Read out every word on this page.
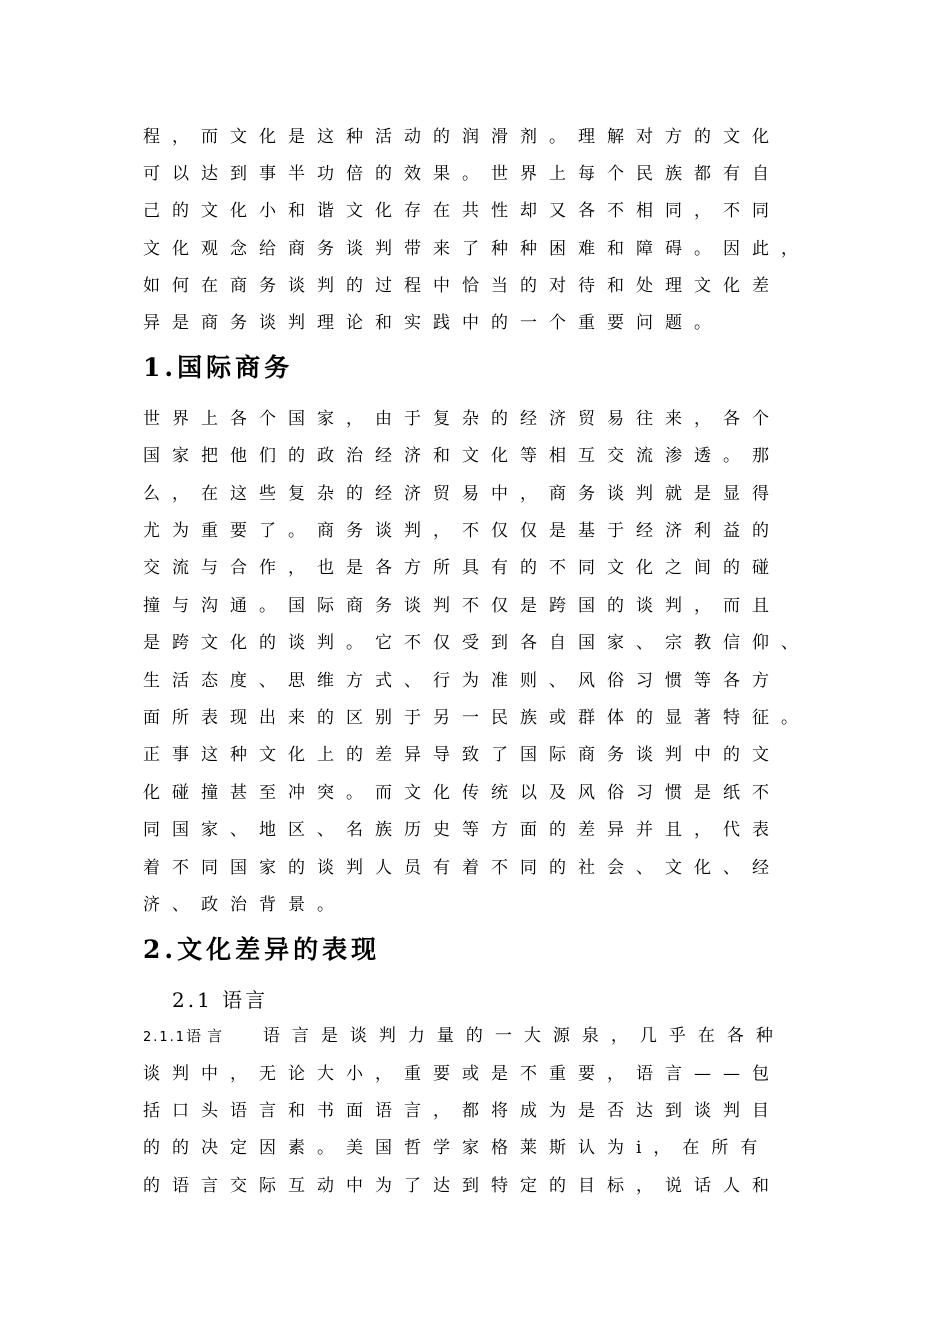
程，而文化是这种活动的润滑剂。理解对方的文化
可以达到事半功倍的效果。世界上每个民族都有自
己的文化小和谐文化存在共性却又各不相同，不同
文化观念给商务谈判带来了种种困难和障碍。因此，
如何在商务谈判的过程中恰当的对待和处理文化差
异是商务谈判理论和实践中的一个重要问题。
1.国际商务
世界上各个国家，由于复杂的经济贸易往来，各个
国家把他们的政治经济和文化等相互交流渗透。那
么，在这些复杂的经济贸易中，商务谈判就是显得
尤为重要了。商务谈判，不仅仅是基于经济利益的
交流与合作，也是各方所具有的不同文化之间的碰
撞与沟通。国际商务谈判不仅是跨国的谈判，而且
是跨文化的谈判。它不仅受到各自国家、宗教信仰、
生活态度、思维方式、行为准则、风俗习惯等各方
面所表现出来的区别于另一民族或群体的显著特征。
正事这种文化上的差异导致了国际商务谈判中的文
化碰撞甚至冲突。而文化传统以及风俗习惯是纸不
同国家、地区、名族历史等方面的差异并且，代表
着不同国家的谈判人员有着不同的社会、文化、经
济、政治背景。
2.文化差异的表现
2.1 语言
2.1.1语言 语言是谈判力量的一大源泉，几乎在各种
谈判中，无论大小，重要或是不重要，语言——包
括口头语言和书面语言，都将成为是否达到谈判目
的的决定因素。美国哲学家格莱斯认为ⅰ，在所有
的语言交际互动中为了达到特定的目标，说话人和
